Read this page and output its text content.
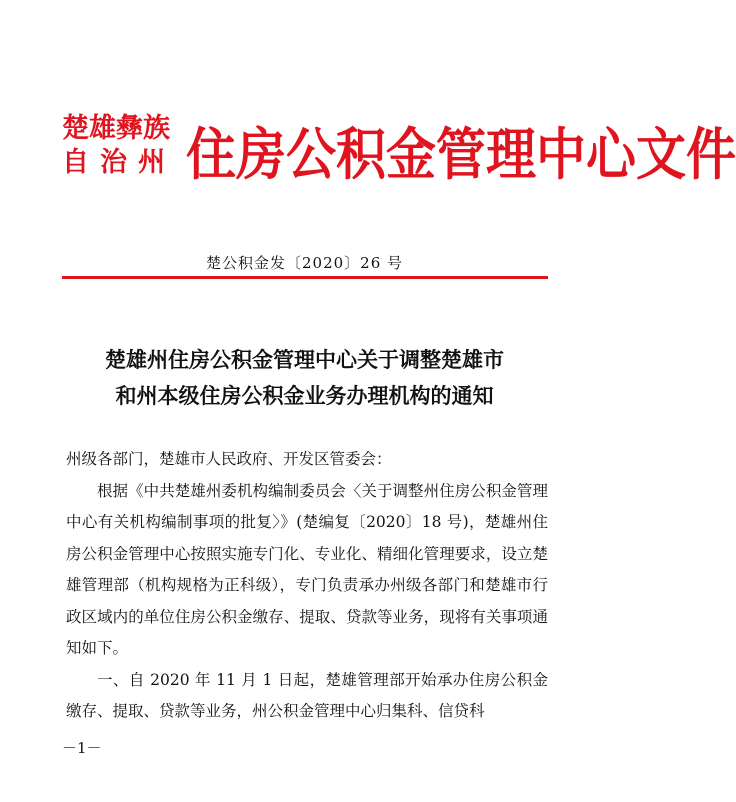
楚雄彝族
自治州 住房公积金管理中心文件
楚公积金发〔2020〕26 号
楚雄州住房公积金管理中心关于调整楚雄市
和州本级住房公积金业务办理机构的通知

州级各部门，楚雄市人民政府、开发区管委会：

根据《中共楚雄州委机构编制委员会〈关于调整州住房公积金管理中心有关机构编制事项的批复〉》(楚编复〔2020〕18 号)，楚雄州住房公积金管理中心按照实施专门化、专业化、精细化管理要求，设立楚雄管理部（机构规格为正科级），专门负责承办州级各部门和楚雄市行政区域内的单位住房公积金缴存、提取、贷款等业务，现将有关事项通知如下。

一、自 2020 年 11 月 1 日起，楚雄管理部开始承办住房公积金缴存、提取、贷款等业务，州公积金管理中心归集科、信贷科

－1－
